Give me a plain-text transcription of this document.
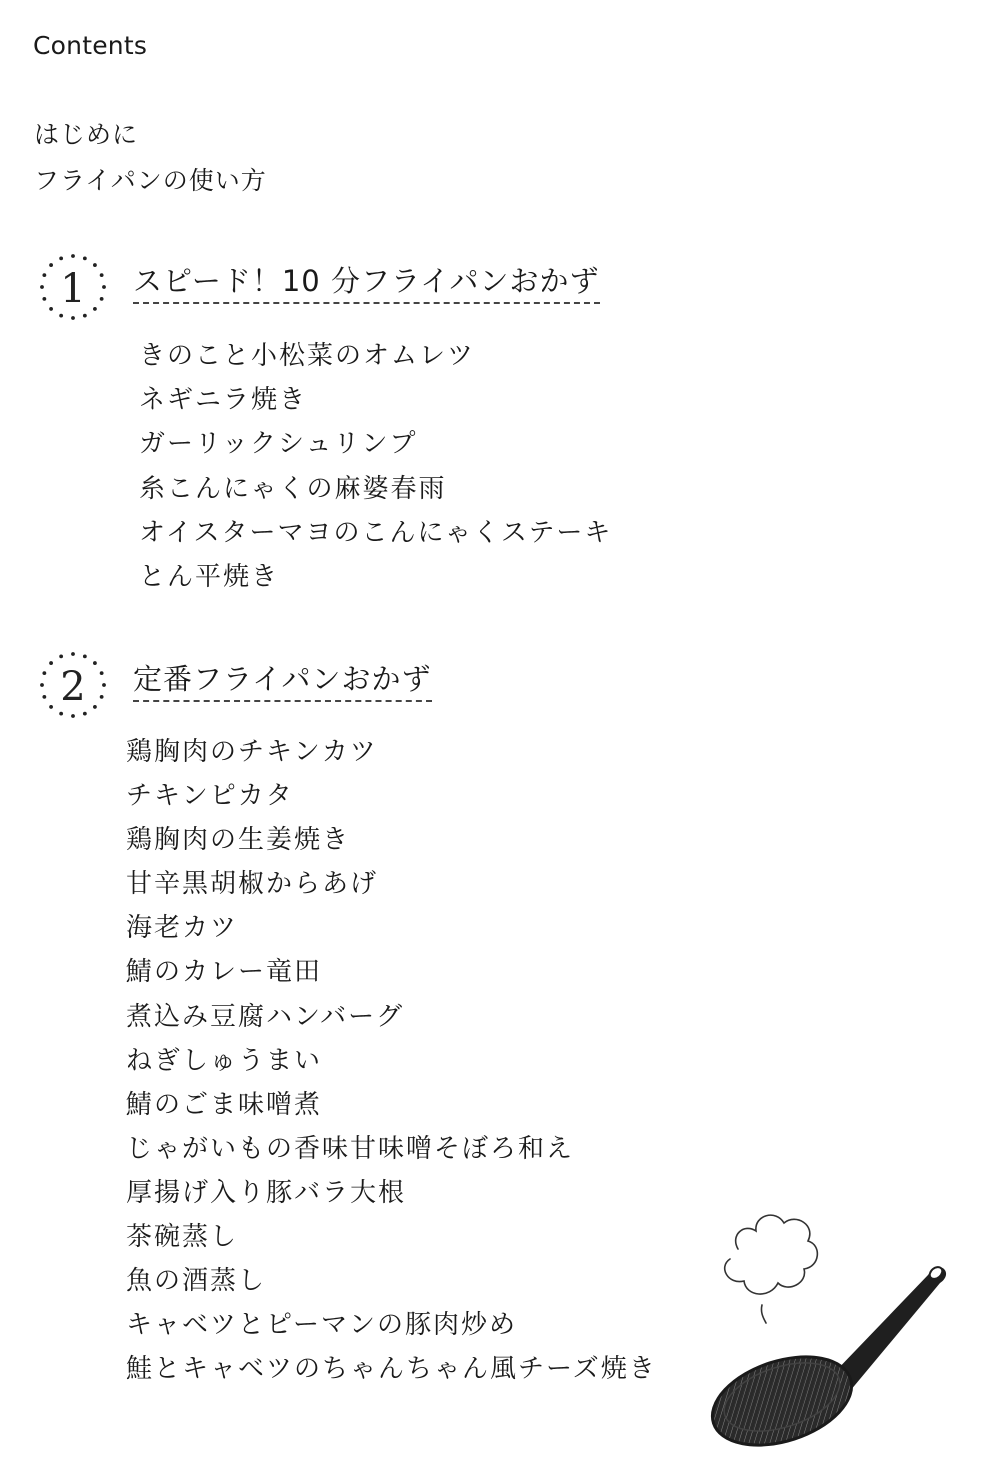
Contents
はじめに
フライパンの使い方
1 スピード！10 分フライパンおかず
きのこと小松菜のオムレツ
ネギニラ焼き
ガーリックシュリンプ
糸こんにゃくの麻婆春雨
オイスターマヨのこんにゃくステーキ
とん平焼き
2 定番フライパンおかず
鶏胸肉のチキンカツ
チキンピカタ
鶏胸肉の生姜焼き
甘辛黒胡椒からあげ
海老カツ
鯖のカレー竜田
煮込み豆腐ハンバーグ
ねぎしゅうまい
鯖のごま味噌煮
じゃがいもの香味甘味噌そぼろ和え
厚揚げ入り豚バラ大根
茶碗蒸し
魚の酒蒸し
キャベツとピーマンの豚肉炒め
鮭とキャベツのちゃんちゃん風チーズ焼き
